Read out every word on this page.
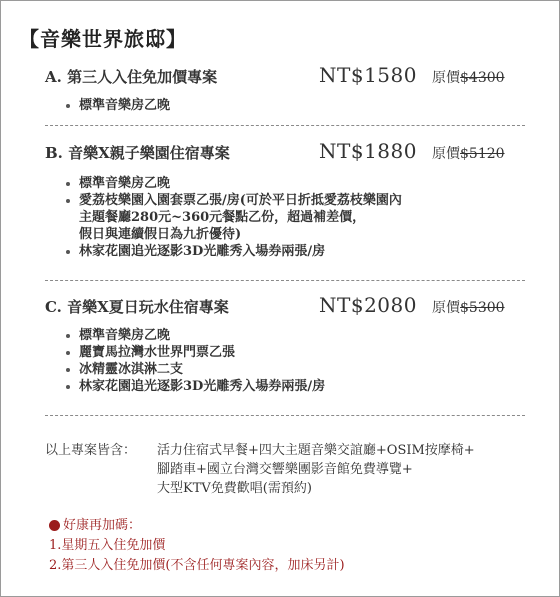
【音樂世界旅邸】
A. 第三人入住免加價專案	NT$1580 原價$4300
標準音樂房乙晚
B. 音樂X親子樂園住宿專案	NT$1880 原價$5120
標準音樂房乙晚
愛荔枝樂園入園套票乙張/房(可於平日折抵愛荔枝樂園內
主題餐廳280元~360元餐點乙份，超過補差價，
假日與連續假日為九折優待)
林家花園追光逐影3D光雕秀入場券兩張/房
C. 音樂X夏日玩水住宿專案	NT$2080 原價$5300
標準音樂房乙晚
麗寶馬拉灣水世界門票乙張
冰精靈冰淇淋二支
林家花園追光逐影3D光雕秀入場券兩張/房
以上專案皆含： 活力住宿式早餐+四大主題音樂交誼廳+OSIM按摩椅+
腳踏車+國立台灣交響樂團影音館免費導覽+
大型KTV免費歡唱(需預約)
好康再加碼：
1.星期五入住免加價
2.第三人入住免加價(不含任何專案內容，加床另計)
